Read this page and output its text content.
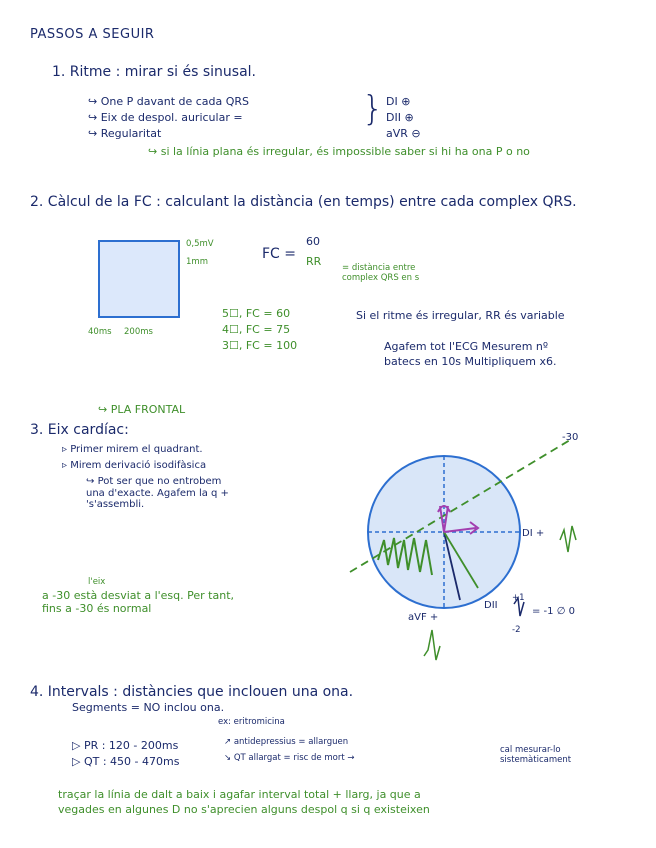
PASSOS A SEGUIR

1. Ritme : mirar si és sinusal.

↪ One P davant de cada QRS

↪ Eix de despol. auricular =

↪ Regularitat

} DI ⊕

DII ⊕

aVR ⊖

↪ si la línia plana és irregular, és impossible saber si hi ha ona P o no

2. Càlcul de la FC : calculant la distància (en temps) entre cada complex QRS.

0,5mV

1mm

40ms 200ms

FC =

60

RR = distància entre complex QRS en s

5☐, FC = 60

4☐, FC = 75

3☐, FC = 100

Si el ritme és irregular, RR és variable

Agafem tot l'ECG Mesurem nº batecs en 10s Multipliquem x6.

↪ PLA FRONTAL

3. Eix cardíac:

▹ Primer mirem el quadrant.

▹ Mirem derivació isodifàsica

↪ Pot ser que no entrobem una d'exacte. Agafem la q + 's'assembli.

l'eix

a -30 està desviat a l'esq. Per tant, fins a -30 és normal

-30

DI +

DII

aVF +

+1

-2

= -1 ∅ 0

4. Intervals : distàncies que inclouen una ona.

Segments = NO inclou ona.

ex: eritromicina

▷ PR : 120 - 200ms

▷ QT : 450 - 470ms

↗ antidepressius = allarguen

↘ QT allargat = risc de mort →

cal mesurar-lo sistemàticament

traçar la línia de dalt a baix i agafar interval total + llarg, ja que a vegades en algunes D no s'aprecien alguns despol q si q existeixen
